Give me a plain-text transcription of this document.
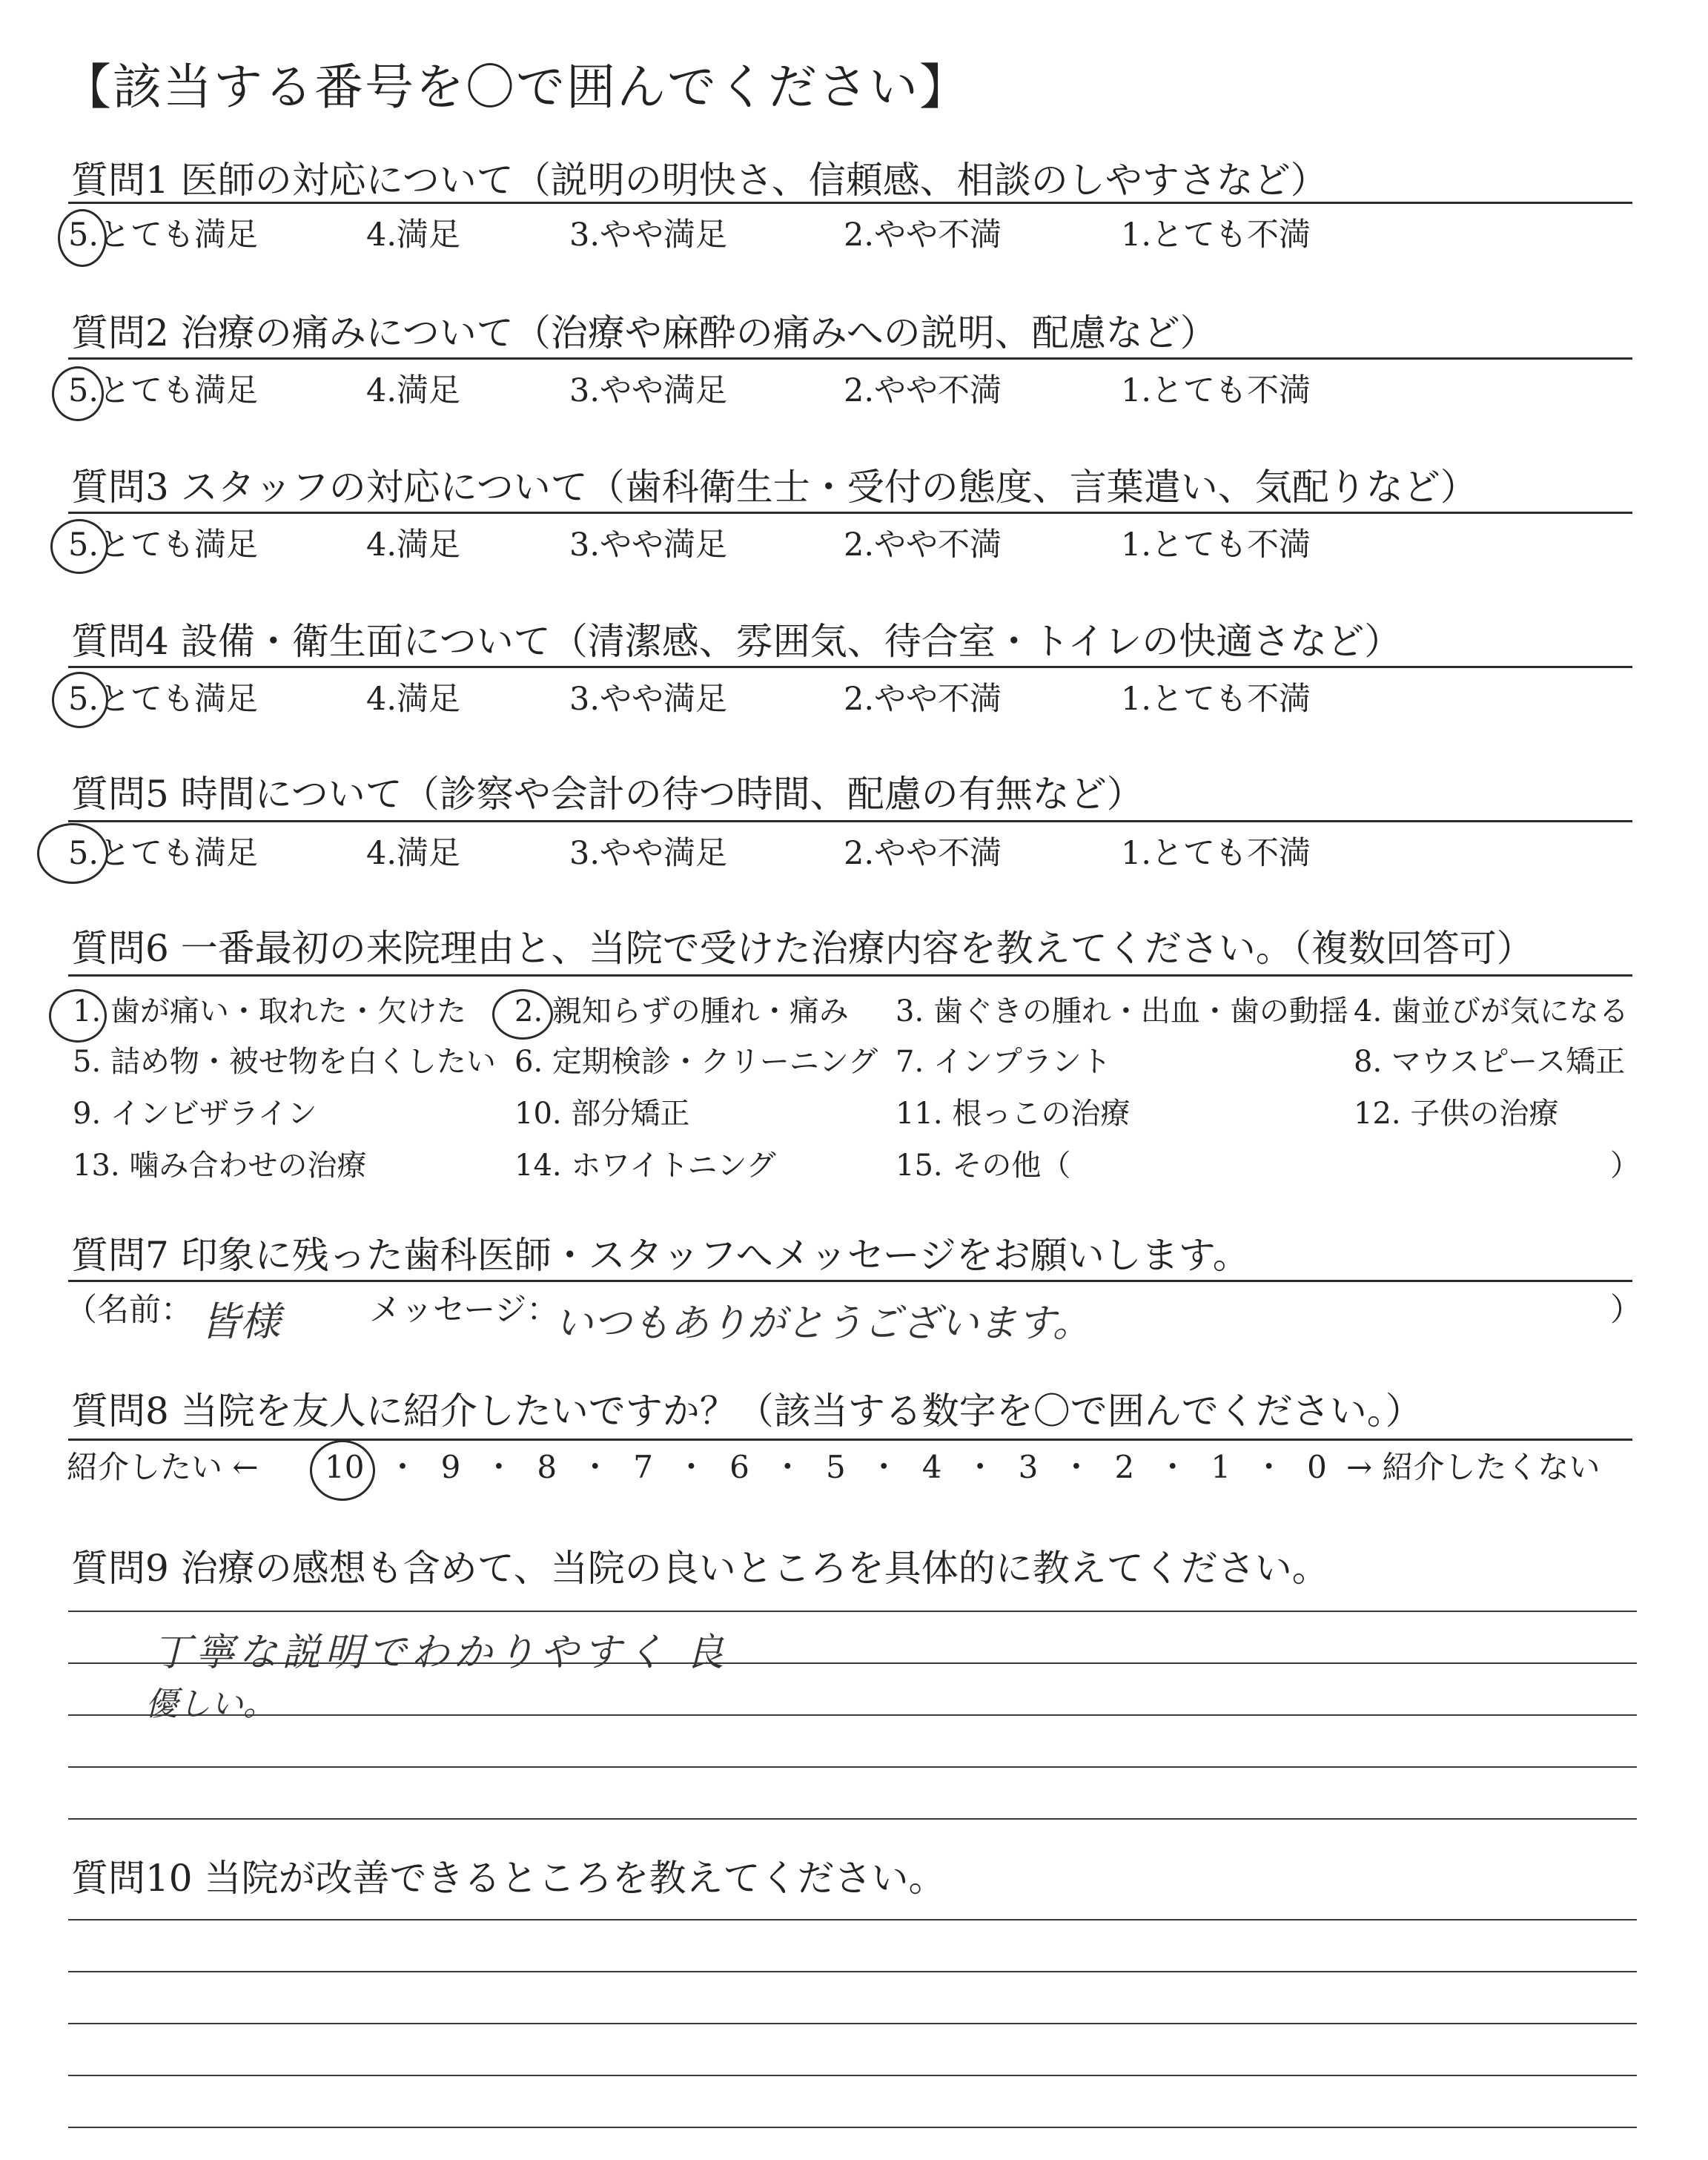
【該当する番号を〇で囲んでください】
質問1 医師の対応について（説明の明快さ、信頼感、相談のしやすさなど）
5.とても満足	4.満足	3.やや満足	2.やや不満	1.とても不満
質問2 治療の痛みについて（治療や麻酔の痛みへの説明、配慮など）
5.とても満足	4.満足	3.やや満足	2.やや不満	1.とても不満
質問3 スタッフの対応について（歯科衛生士・受付の態度、言葉遣い、気配りなど）
5.とても満足	4.満足	3.やや満足	2.やや不満	1.とても不満
質問4 設備・衛生面について（清潔感、雰囲気、待合室・トイレの快適さなど）
5.とても満足	4.満足	3.やや満足	2.やや不満	1.とても不満
質問5 時間について（診察や会計の待つ時間、配慮の有無など）
5.とても満足	4.満足	3.やや満足	2.やや不満	1.とても不満
質問6 一番最初の来院理由と、当院で受けた治療内容を教えてください。（複数回答可）
1. 歯が痛い・取れた・欠けた 2. 親知らずの腫れ・痛み 3. 歯ぐきの腫れ・出血・歯の動揺 4. 歯並びが気になる
5. 詰め物・被せ物を白くしたい 6. 定期検診・クリーニング 7. インプラント	8. マウスピース矯正
9. インビザライン	10. 部分矯正	11. 根っこの治療	12. 子供の治療
13. 噛み合わせの治療	14. ホワイトニング	15. その他（	）
質問7 印象に残った歯科医師・スタッフへメッセージをお願いします。
（名前： 皆様	メッセージ：
いつもありがとうございます。	）
質問8 当院を友人に紹介したいですか？（該当する数字を〇で囲んでください。）
紹介したい ← 10 ・ 9 ・ 8 ・ 7 ・ 6 ・ 5 ・ 4 ・ 3 ・ 2 ・ 1 ・ 0 → 紹介したくない
質問9 治療の感想も含めて、当院の良いところを具体的に教えてください。
丁寧な説明でわかりやすく 良
優しい。
質問10 当院が改善できるところを教えてください。
